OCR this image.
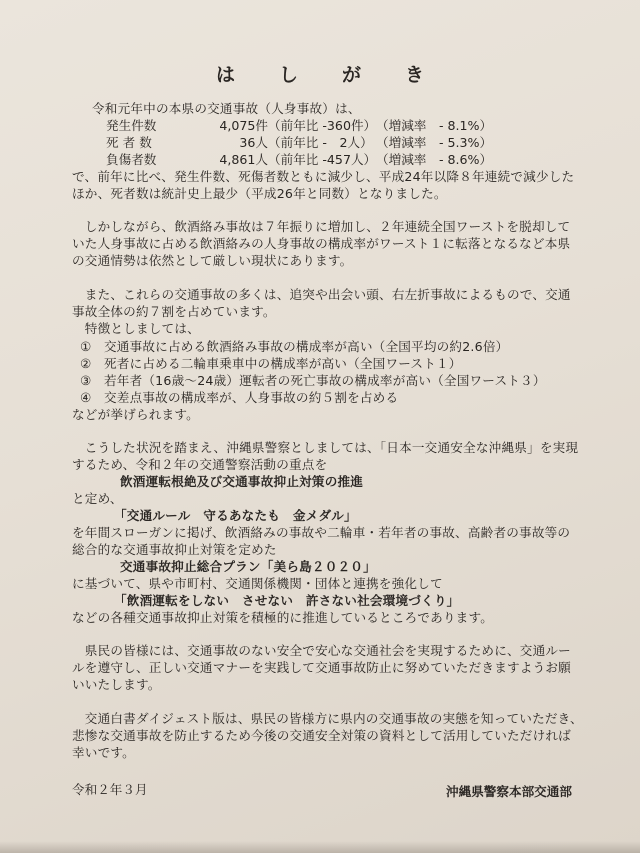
は し が き
令和元年中の本県の交通事故（人身事故）は、
発生件数	4,075件 （前年比 -360件） （増減率　- 8.1%）
死 者 数	36人 （前年比 -　2人） （増減率　- 5.3%）
負傷者数	4,861人 （前年比 -457人） （増減率　- 8.6%）
で、前年に比べ、発生件数、死傷者数ともに減少し、平成24年以降８年連続で減少した
ほか、死者数は統計史上最少（平成26年と同数）となりました。
　しかしながら、飲酒絡み事故は７年振りに増加し、２年連続全国ワーストを脱却して
いた人身事故に占める飲酒絡みの人身事故の構成率がワースト１に転落となるなど本県
の交通情勢は依然として厳しい現状にあります。
　また、これらの交通事故の多くは、追突や出会い頭、右左折事故によるもので、交通
事故全体の約７割を占めています。
　特徴としましては、
① 交通事故に占める飲酒絡み事故の構成率が高い（全国平均の約2.6倍）
② 死者に占める二輪車乗車中の構成率が高い（全国ワースト１）
③ 若年者（16歳～24歳）運転者の死亡事故の構成率が高い（全国ワースト３）
④ 交差点事故の構成率が、人身事故の約５割を占める
などが挙げられます。
　こうした状況を踏まえ、沖縄県警察としましては、「日本一交通安全な沖縄県」を実現
するため、令和２年の交通警察活動の重点を
飲酒運転根絶及び交通事故抑止対策の推進
と定め、
「交通ルール　守るあなたも　金メダル」
を年間スローガンに掲げ、飲酒絡みの事故や二輪車・若年者の事故、高齢者の事故等の
総合的な交通事故抑止対策を定めた
交通事故抑止総合プラン「美ら島２０２０」
に基づいて、県や市町村、交通関係機関・団体と連携を強化して
「飲酒運転をしない　させない　許さない社会環境づくり」
などの各種交通事故抑止対策を積極的に推進しているところであります。
　県民の皆様には、交通事故のない安全で安心な交通社会を実現するために、交通ルー
ルを遵守し、正しい交通マナーを実践して交通事故防止に努めていただきますようお願
いいたします。
　交通白書ダイジェスト版は、県民の皆様方に県内の交通事故の実態を知っていただき、
悲惨な交通事故を防止するため今後の交通安全対策の資料として活用していただければ
幸いです。
令和２年３月	沖縄県警察本部交通部
